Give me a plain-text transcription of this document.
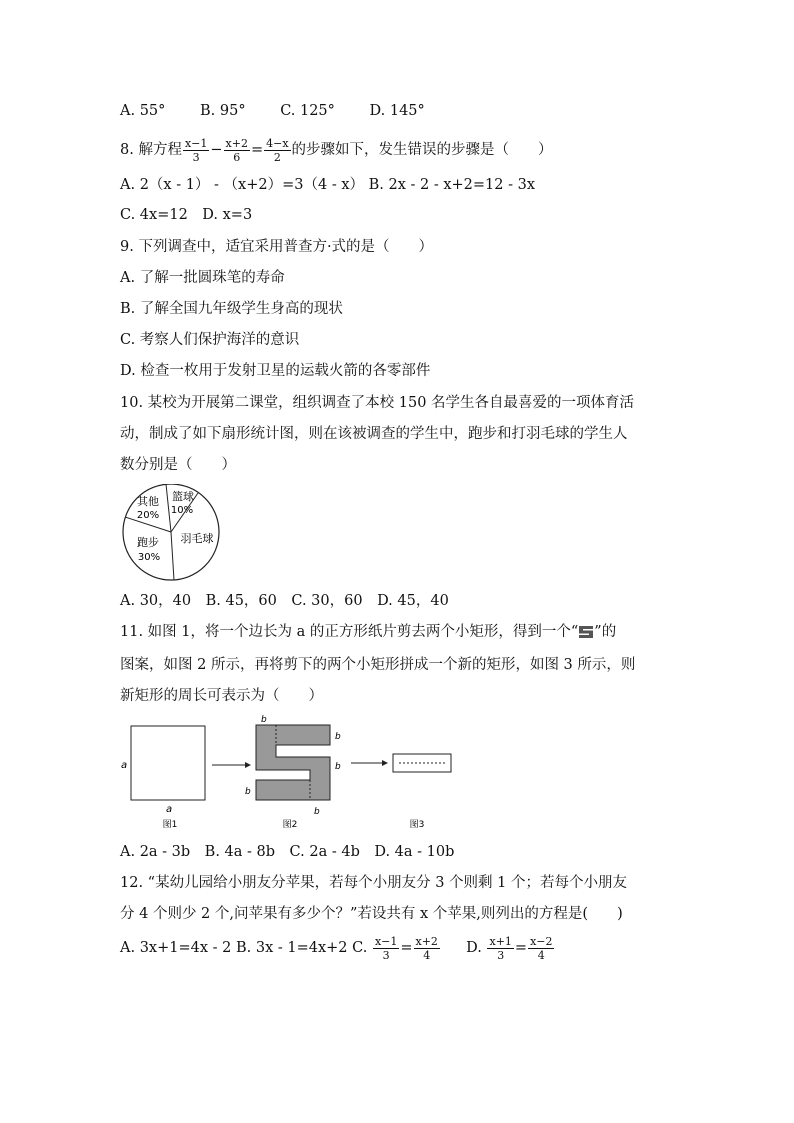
A. 55° B. 95° C. 125° D. 145°
8. 解方程 $\frac{x-1}{3} - \frac{x+2}{6} = \frac{4-x}{2}$ 的步骤如下，发生错误的步骤是（　　）
A. 2（x - 1） - （x+2）=3（4 - x） B. 2x - 2 - x+2=12 - 3x
C. 4x=12　D. x=3
9. 下列调查中，适宜采用普查方·式的是（　　）
A. 了解一批圆珠笔的寿命
B. 了解全国九年级学生身高的现状
C. 考察人们保护海洋的意识
D. 检查一枚用于发射卫星的运载火箭的各零部件
10. 某校为开展第二课堂，组织调查了本校 150 名学生各自最喜爱的一项体育活
动，制成了如下扇形统计图，则在该被调查的学生中，跑步和打羽毛球的学生人
数分别是（　　）
其他
20%
篮球
10%
跑步
30%
羽毛球
A. 30，40　B. 45，60　C. 30，60　D. 45，40
11. 如图 1，将一个边长为 a 的正方形纸片剪去两个小矩形，得到一个“ ”的
图案，如图 2 所示，再将剪下的两个小矩形拼成一个新的矩形，如图 3 所示，则
新矩形的周长可表示为（　　）
a
a
图1
b
b
b
b
b
图2	图3
A. 2a - 3b　B. 4a - 8b　C. 2a - 4b　D. 4a - 10b
12. “某幼儿园给小朋友分苹果，若每个小朋友分 3 个则剩 1 个；若每个小朋友
分 4 个则少 2 个,问苹果有多少个？”若设共有 x 个苹果,则列出的方程是(　　)
A. 3x+1=4x - 2 B. 3x - 1=4x+2 C. $\frac{x-1}{3} = \frac{x+2}{4} D$. $\frac{x+1}{3} = \frac{x-2}{4}$
